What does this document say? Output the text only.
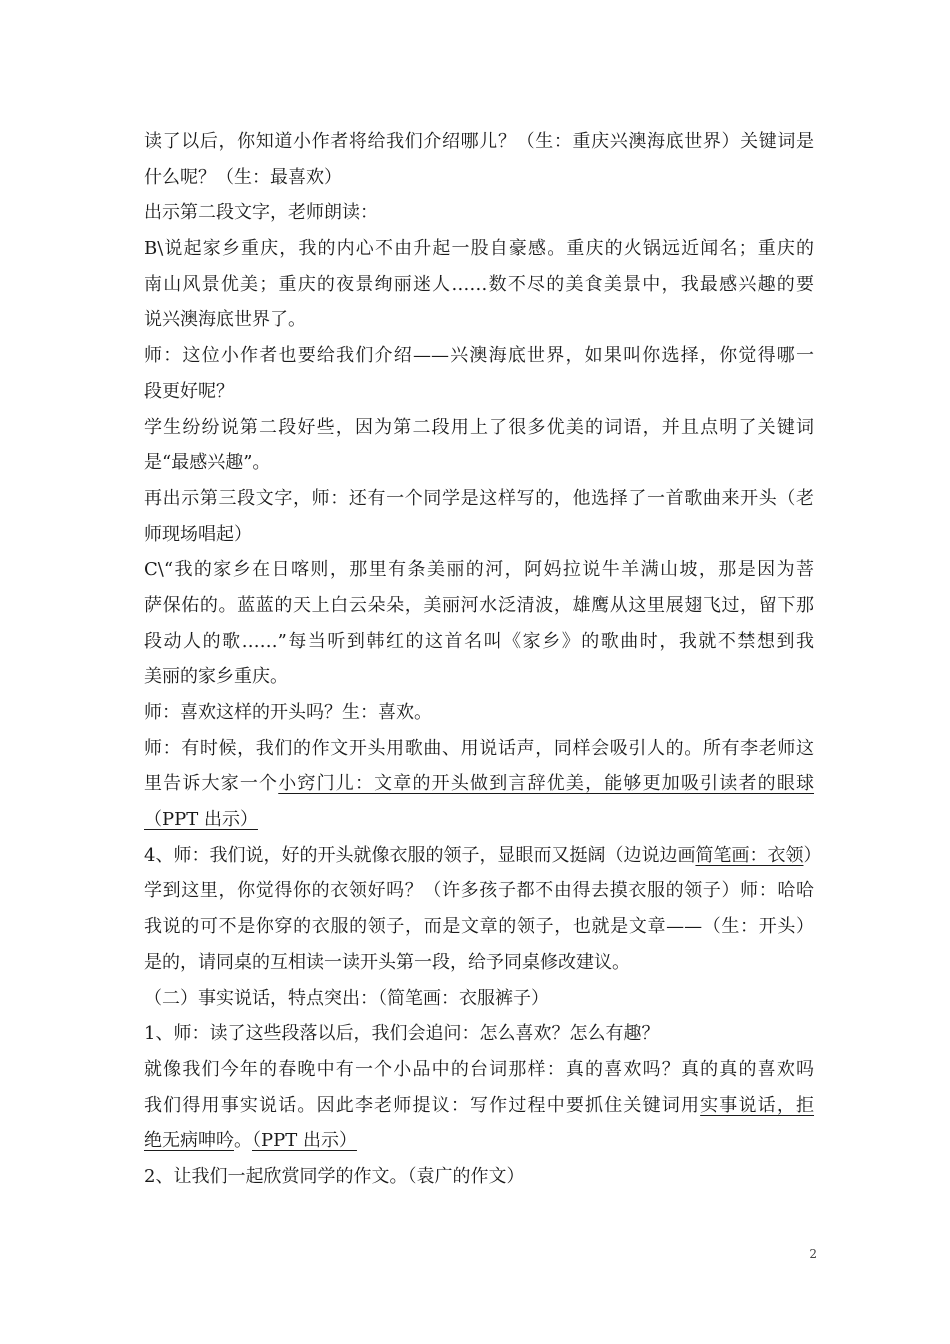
读了以后，你知道小作者将给我们介绍哪儿？（生：重庆兴澳海底世界）关键词是
什么呢？（生：最喜欢）
出示第二段文字，老师朗读：
B\说起家乡重庆，我的内心不由升起一股自豪感。重庆的火锅远近闻名；重庆的
南山风景优美；重庆的夜景绚丽迷人……数不尽的美食美景中，我最感兴趣的要
说兴澳海底世界了。
师：这位小作者也要给我们介绍——兴澳海底世界，如果叫你选择，你觉得哪一
段更好呢？
学生纷纷说第二段好些，因为第二段用上了很多优美的词语，并且点明了关键词
是“最感兴趣”。
再出示第三段文字，师：还有一个同学是这样写的，他选择了一首歌曲来开头（老
师现场唱起）
C\“我的家乡在日喀则，那里有条美丽的河，阿妈拉说牛羊满山坡，那是因为菩
萨保佑的。蓝蓝的天上白云朵朵，美丽河水泛清波，雄鹰从这里展翅飞过，留下那
段动人的歌……”每当听到韩红的这首名叫《家乡》的歌曲时，我就不禁想到我
美丽的家乡重庆。
师：喜欢这样的开头吗？生：喜欢。
师：有时候，我们的作文开头用歌曲、用说话声，同样会吸引人的。所有李老师这
里告诉大家一个小窍门儿：文章的开头做到言辞优美，能够更加吸引读者的眼球
（PPT 出示）
4、师：我们说，好的开头就像衣服的领子，显眼而又挺阔（边说边画简笔画：衣领）
学到这里，你觉得你的衣领好吗？（许多孩子都不由得去摸衣服的领子）师：哈哈
我说的可不是你穿的衣服的领子，而是文章的领子，也就是文章——（生：开头）
是的，请同桌的互相读一读开头第一段，给予同桌修改建议。
（二）事实说话，特点突出：（简笔画：衣服裤子）
1、师：读了这些段落以后，我们会追问：怎么喜欢？怎么有趣？
就像我们今年的春晚中有一个小品中的台词那样：真的喜欢吗？真的真的喜欢吗
我们得用事实说话。因此李老师提议：写作过程中要抓住关键词用实事说话，拒
绝无病呻吟。（PPT 出示）
2、让我们一起欣赏同学的作文。（袁广的作文）
2
